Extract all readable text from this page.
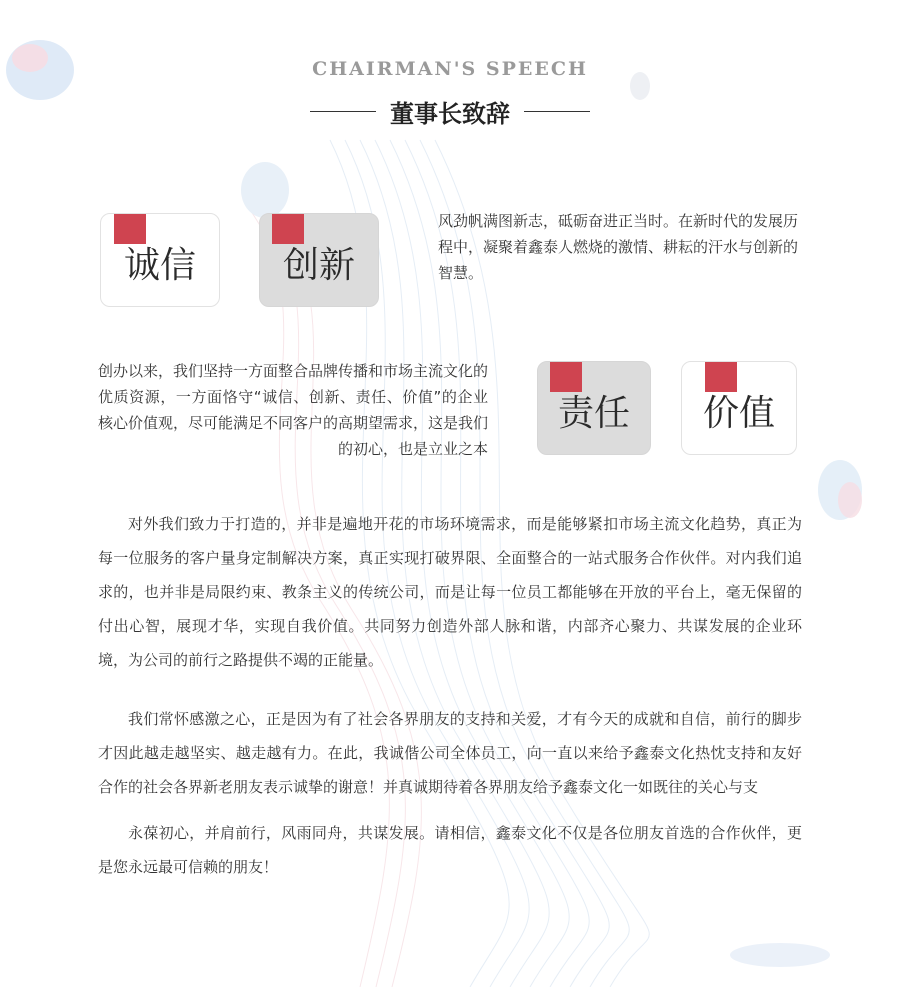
CHAIRMAN'S SPEECH
董事长致辞
诚信 创新
风劲帆满图新志，砥砺奋进正当时。在新时代的发展历程中，凝聚着鑫泰人燃烧的激情、耕耘的汗水与创新的智慧。
创办以来，我们坚持一方面整合品牌传播和市场主流文化的优质资源，一方面恪守“诚信、创新、责任、价值”的企业核心价值观，尽可能满足不同客户的高期望需求，这是我们的初心，也是立业之本
责任 价值
对外我们致力于打造的，并非是遍地开花的市场环境需求，而是能够紧扣市场主流文化趋势，真正为每一位服务的客户量身定制解决方案，真正实现打破界限、全面整合的一站式服务合作伙伴。对内我们追求的，也并非是局限约束、教条主义的传统公司，而是让每一位员工都能够在开放的平台上，毫无保留的付出心智，展现才华，实现自我价值。共同努力创造外部人脉和谐，内部齐心聚力、共谋发展的企业环境，为公司的前行之路提供不竭的正能量。
我们常怀感激之心，正是因为有了社会各界朋友的支持和关爱，才有今天的成就和自信，前行的脚步才因此越走越坚实、越走越有力。在此，我诚偕公司全体员工，向一直以来给予鑫泰文化热忱支持和友好合作的社会各界新老朋友表示诚挚的谢意！并真诚期待着各界朋友给予鑫泰文化一如既往的关心与支
永葆初心，并肩前行，风雨同舟，共谋发展。请相信，鑫泰文化不仅是各位朋友首选的合作伙伴，更是您永远最可信赖的朋友！
